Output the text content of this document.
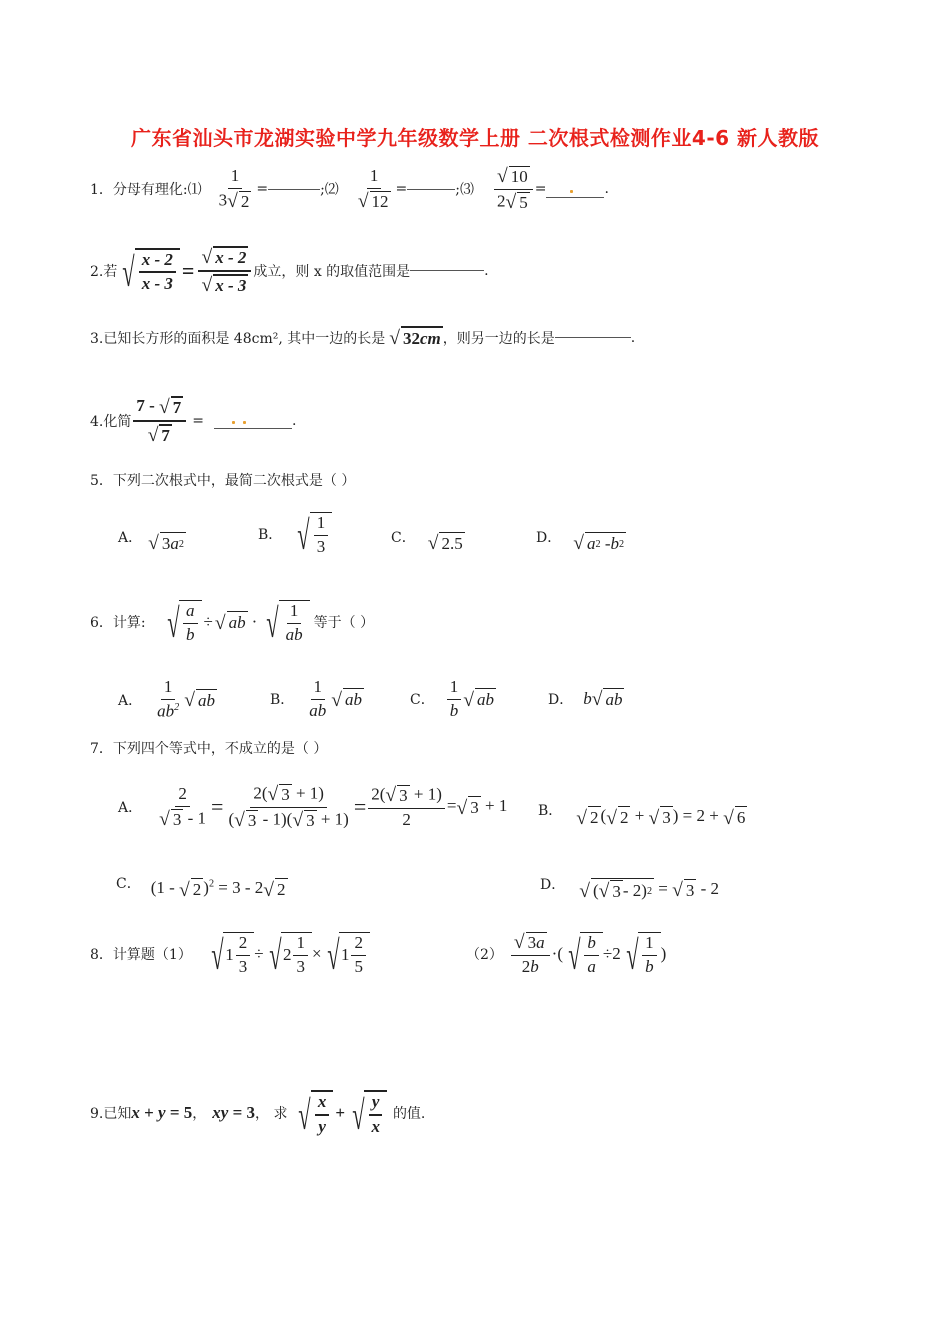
广东省汕头市龙湖实验中学九年级数学上册 二次根式检测作业4-6 新人教版
1．分母有理化:⑴ $\frac{1}{3 √ 2}$ =	;⑵ $\frac{1}{√ 12}$ =	;⑶ $\frac{√ 10}{2 √ 5}$ =	.
2.若 √ $\frac{x - 2}{x - 3} = \frac{√ x - 2}{√ x - 3}$ 成立，则 x 的取值范围是	.
3.已知长方形的面积是 48cm², 其中一边的长是 √ 32 cm ，则另一边的长是	.
4.化简 $\frac{7 - √ 7}{√ 7}$ =	.
5．下列二次根式中，最简二次根式是（ ）
A． √ 3 a 2
B． √ $\frac{1}{3}$	C． √ 2.5	D． √ a 2 - b 2
6．计算: √ $\frac{a}{b}$ ÷ √ ab · √ $\frac{1}{ab}$ 等于（ ）
A． $\frac{1}{ab^2}$ √ ab	B． $\frac{1}{ab}$ √ ab	C． $\frac{1}{b}$ √ ab	D． b √ ab
7．下列四个等式中，不成立的是（ ）
A． $\frac{2}{√ 3 - 1} = \frac{2( √ 3 + 1)}{( √ 3 - 1)( √ 3 + 1)} = \frac{2( √ 3 + 1)}{2}$ = √ 3 + 1 B． √ 2 ( √ 2 + √ 3 ) = 2 + √ 6
C． (1 - √ 2 )$^2$ = 3 - 2 √ 2	D． √ ( √ 3 - 2) 2 = √ 3 - 2
8．计算题（1） √ $1 \frac{2}{3}$ ÷ √ $2 \frac{1}{3}$ × √ $1 \frac{2}{5}$	$(2) \frac{√ 3 a}{2b}$ ·( √ $\frac{b}{a} \div 2$ √ $\frac{1}{b}$ )
9.已知 x + y = 5 ， xy = 3 ， 求 √ $\frac{x}{y}$ + √ $\frac{y}{x}$ 的值.
